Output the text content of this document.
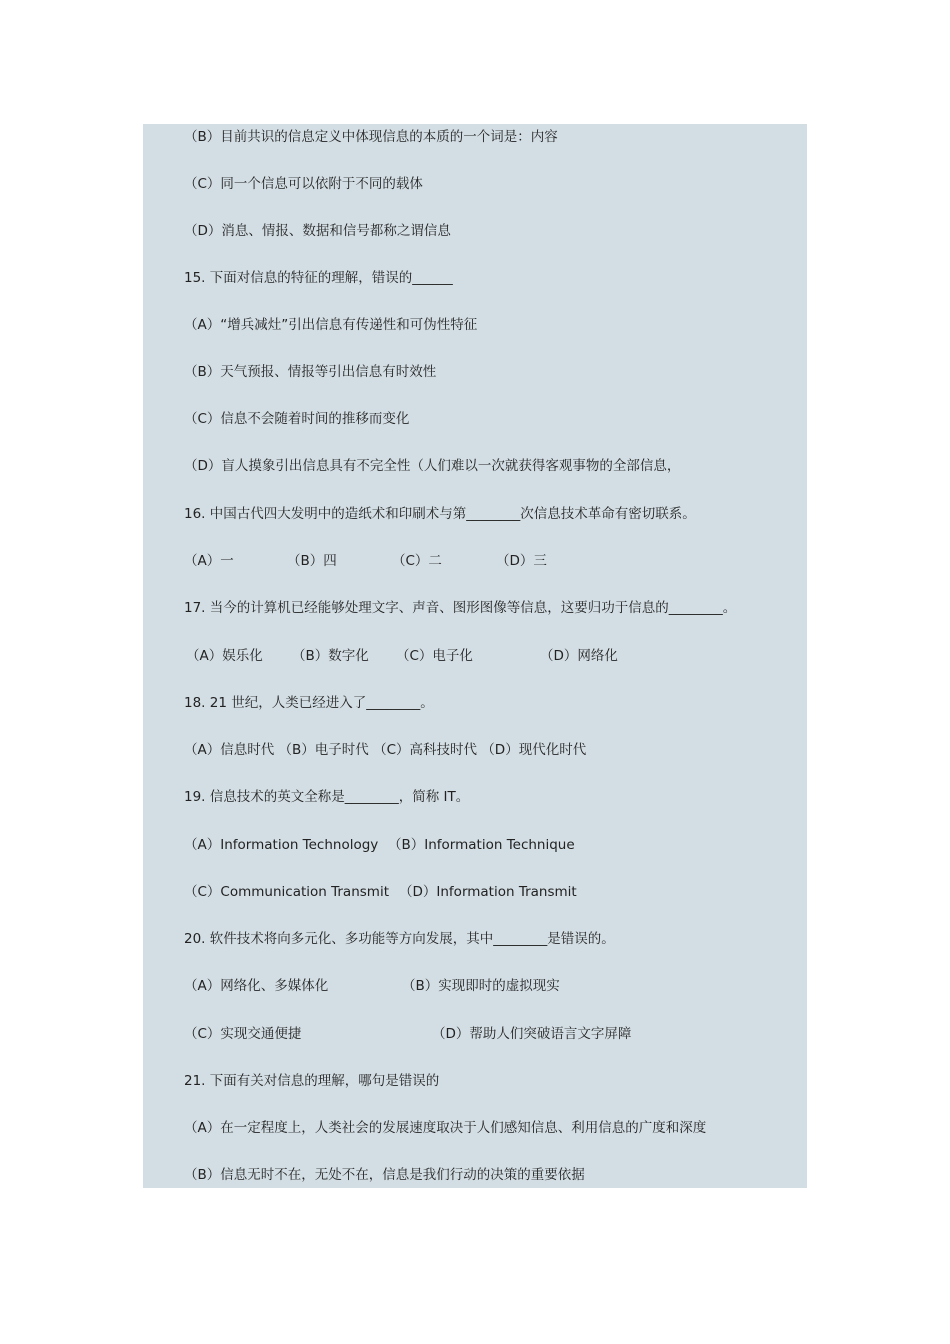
（B）目前共识的信息定义中体现信息的本质的一个词是：内容
（C）同一个信息可以依附于不同的载体
（D）消息、情报、数据和信号都称之谓信息
15. 下面对信息的特征的理解，错误的______
（A）“增兵减灶”引出信息有传递性和可伪性特征
（B）天气预报、情报等引出信息有时效性
（C）信息不会随着时间的推移而变化
（D）盲人摸象引出信息具有不完全性（人们难以一次就获得客观事物的全部信息，
16. 中国古代四大发明中的造纸术和印刷术与第________次信息技术革命有密切联系。
（A）一	（B）四	（C）二	（D）三
17. 当今的计算机已经能够处理文字、声音、图形图像等信息，这要归功于信息的________。
（A）娱乐化 （B）数字化 （C）电子化	（D）网络化
18. 21 世纪，人类已经进入了________。
（A）信息时代 （B）电子时代 （C）高科技时代 （D）现代化时代
19. 信息技术的英文全称是________，简称 IT。
（A）Information Technology （B）Information Technique
（C）Communication Transmit （D）Information Transmit
20. 软件技术将向多元化、多功能等方向发展，其中________是错误的。
（A）网络化、多媒体化	（B）实现即时的虚拟现实
（C）实现交通便捷	（D）帮助人们突破语言文字屏障
21. 下面有关对信息的理解，哪句是错误的
（A）在一定程度上，人类社会的发展速度取决于人们感知信息、利用信息的广度和深度
（B）信息无时不在，无处不在，信息是我们行动的决策的重要依据
